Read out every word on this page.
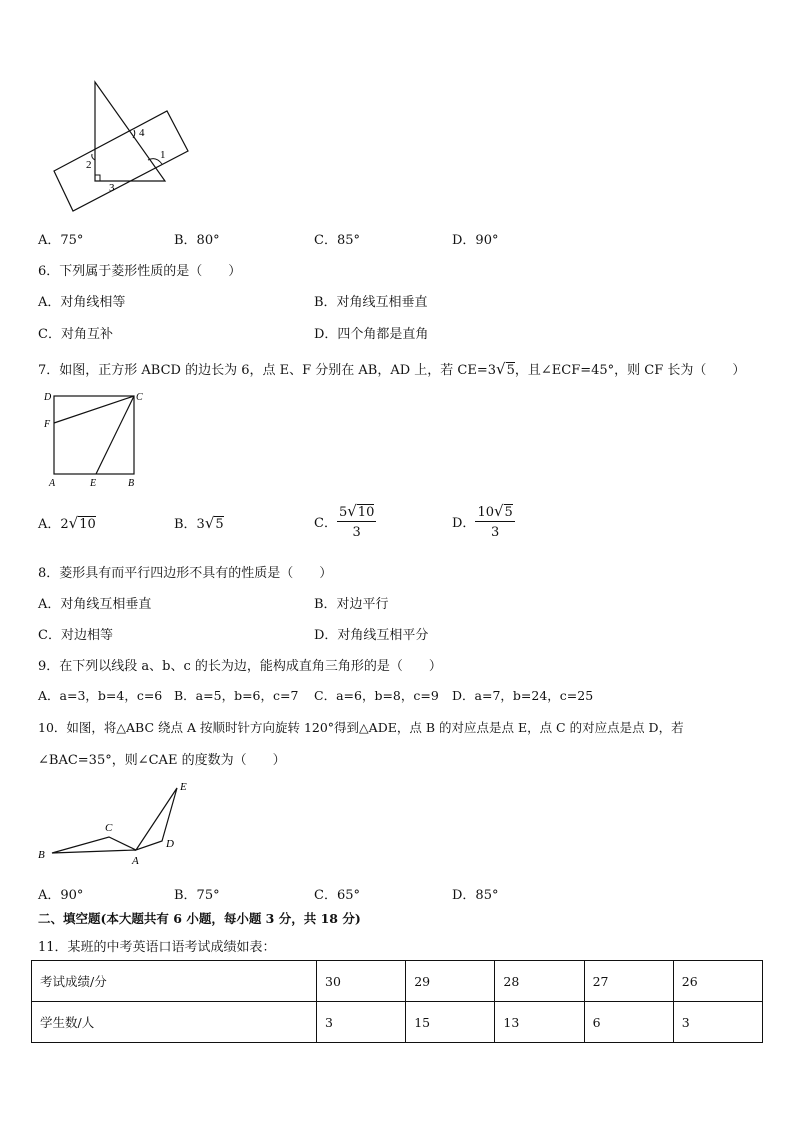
4
2
1
3
A．75°	B．80°	C．85°	D．90°
6．下列属于菱形性质的是（　　）
A．对角线相等	B．对角线互相垂直
C．对角互补	D．四个角都是直角
7．如图，正方形 ABCD 的边长为 6，点 E、F 分别在 AB，AD 上，若 CE=3√5，且∠ECF=45°，则 CF 长为（　　）
D	C
F
A	E	B
A．2√10	B．3√5	C． $\frac{5√10}{3}$	D． $\frac{10√5}{3}$
8．菱形具有而平行四边形不具有的性质是（　　）
A．对角线互相垂直	B．对边平行
C．对边相等	D．对角线互相平分
9．在下列以线段 a、b、c 的长为边，能构成直角三角形的是（　　）
A．a=3，b=4，c=6 B．a=5，b=6，c=7 C．a=6，b=8，c=9 D．a=7，b=24，c=25
10．如图，将△ABC 绕点 A 按顺时针方向旋转 120°得到△ADE，点 B 的对应点是点 E，点 C 的对应点是点 D，若
∠BAC=35°，则∠CAE 的度数为（　　）
E
C
D
B	A
A．90°	B．75°	C．65°	D．85°
二、填空题(本大题共有 6 小题，每小题 3 分，共 18 分)
11．某班的中考英语口语考试成绩如表：
考试成绩/分	30	29	28	27	26
学生数/人	3	15	13	6	3
